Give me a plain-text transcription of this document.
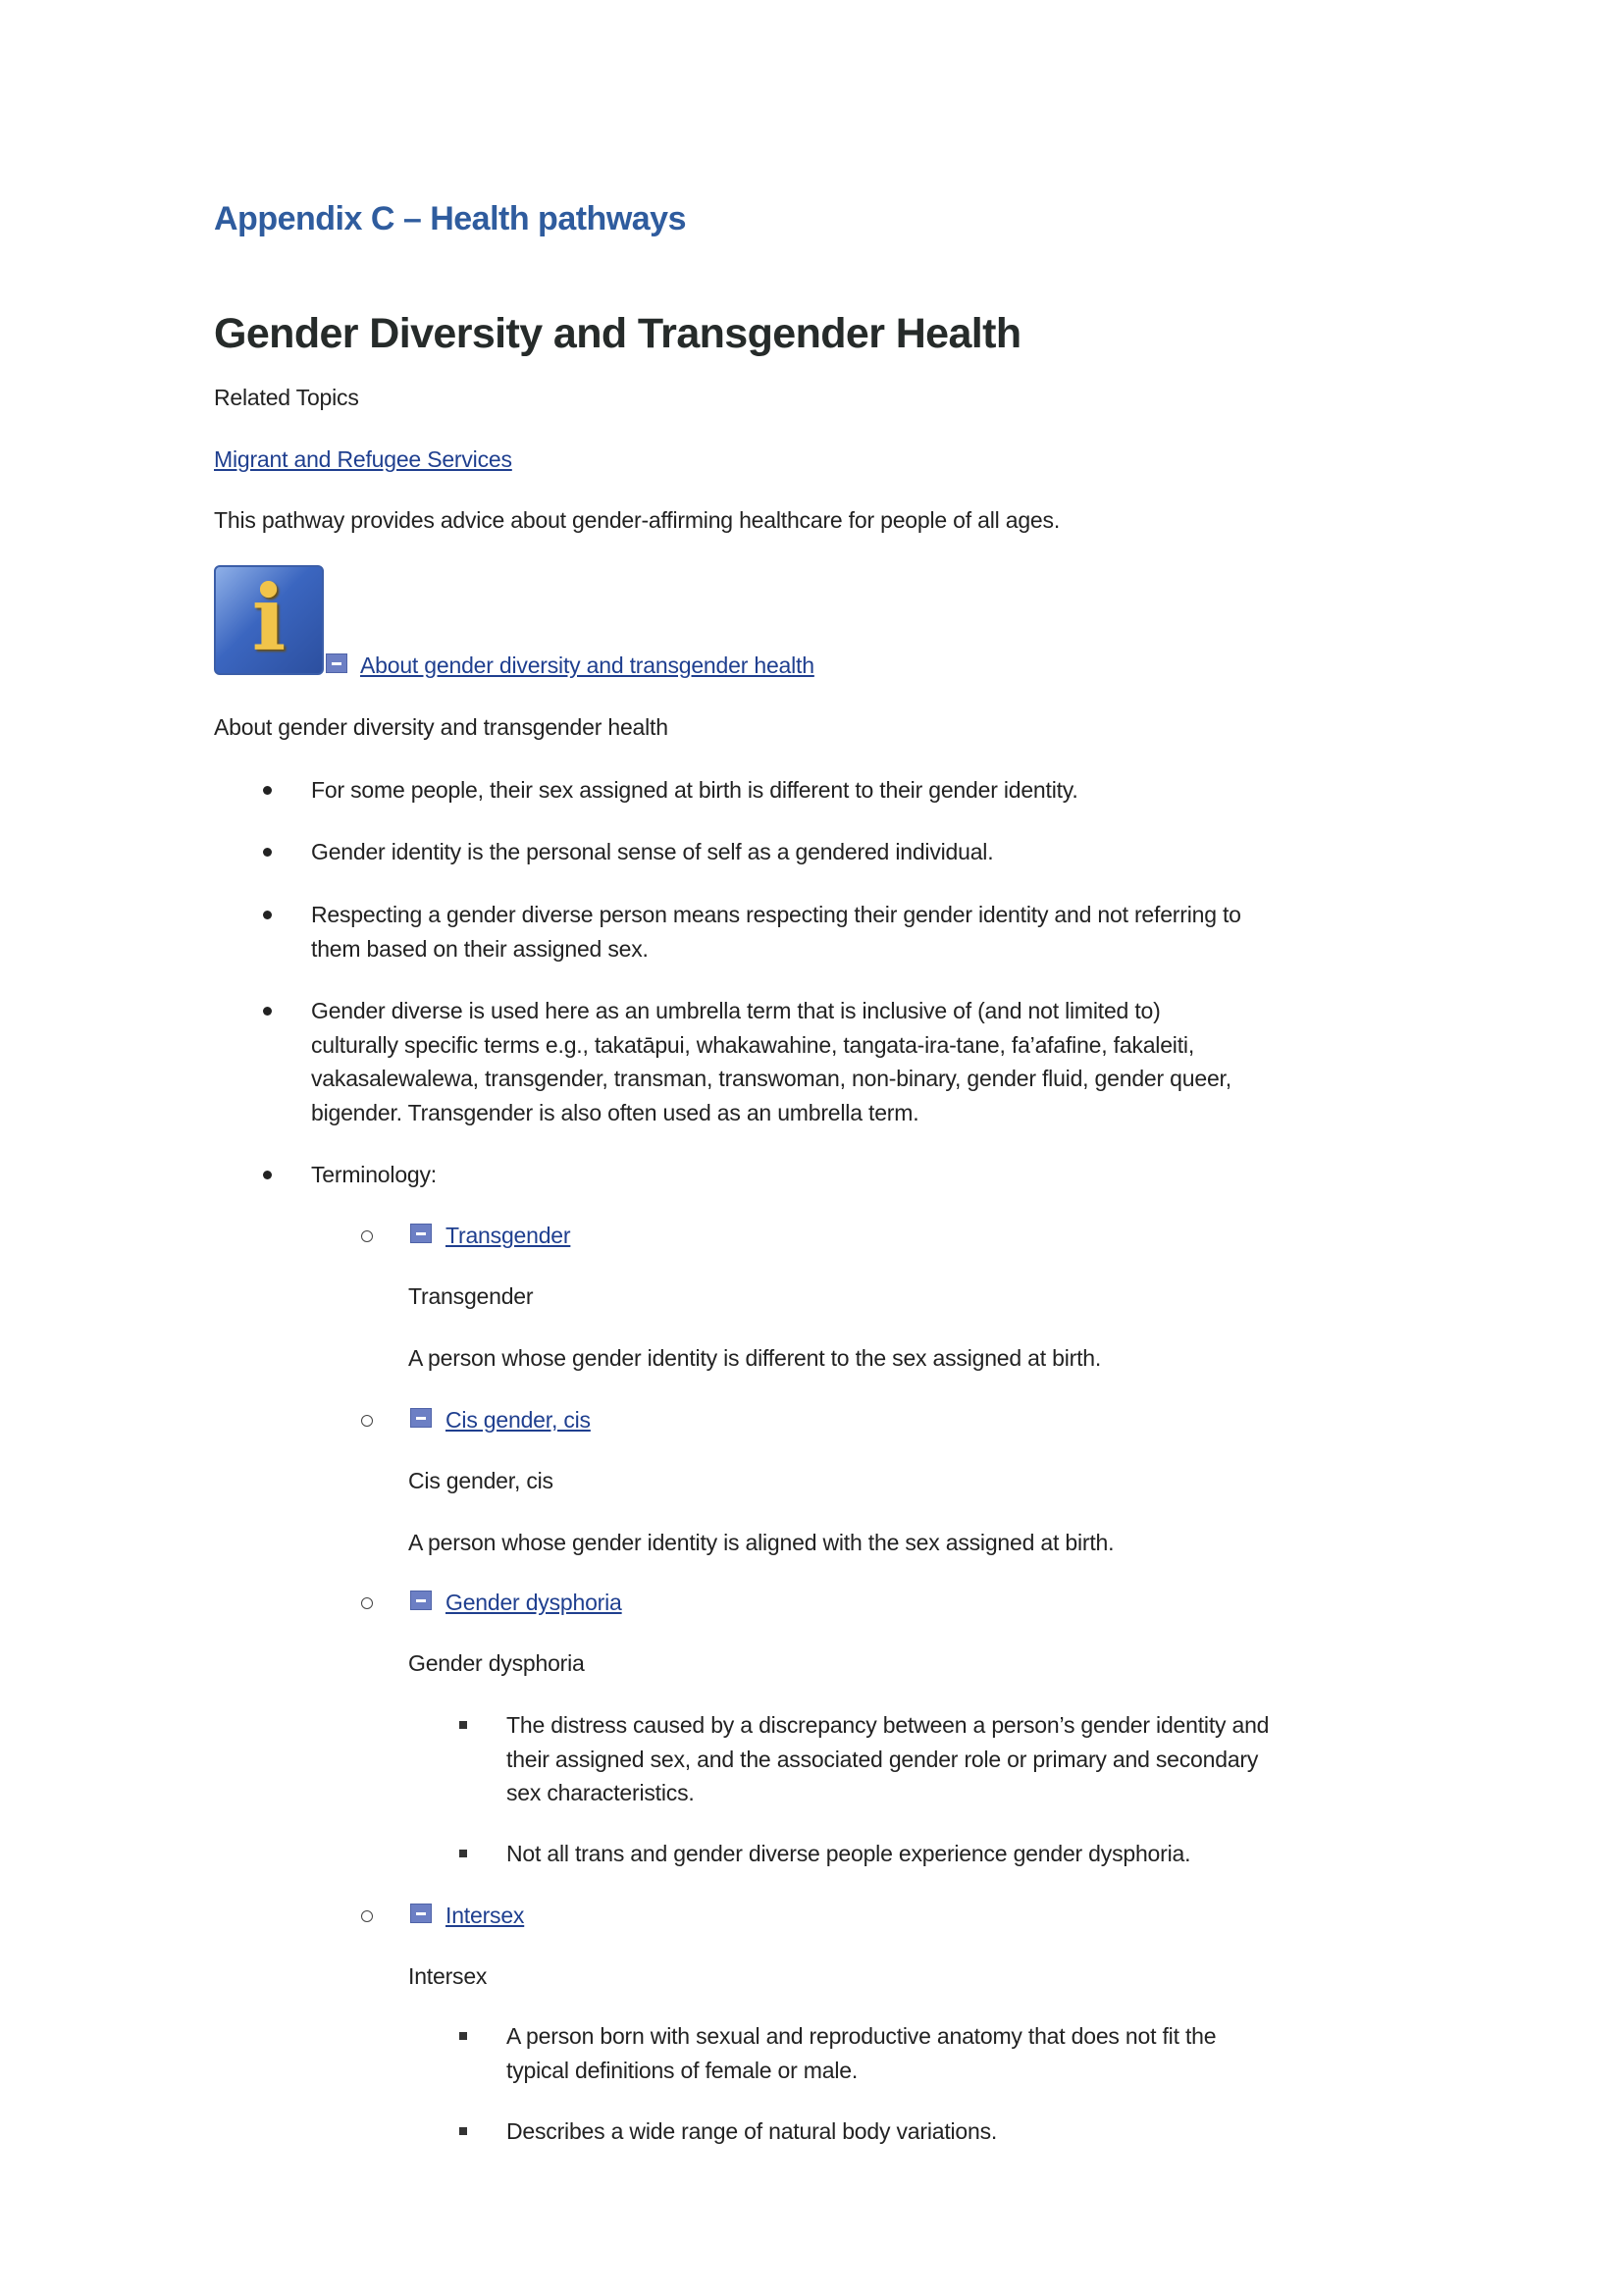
Appendix C – Health pathways
Gender Diversity and Transgender Health
Related Topics
Migrant and Refugee Services
This pathway provides advice about gender-affirming healthcare for people of all ages.
i	About gender diversity and transgender health
About gender diversity and transgender health
For some people, their sex assigned at birth is different to their gender identity.
Gender identity is the personal sense of self as a gendered individual.
Respecting a gender diverse person means respecting their gender identity and not referring to
them based on their assigned sex.
Gender diverse is used here as an umbrella term that is inclusive of (and not limited to)
culturally specific terms e.g., takatāpui, whakawahine, tangata-ira-tane, fa’afafine, fakaleiti,
vakasalewalewa, transgender, transman, transwoman, non-binary, gender fluid, gender queer,
bigender. Transgender is also often used as an umbrella term.
Terminology:
Transgender
Transgender
A person whose gender identity is different to the sex assigned at birth.
Cis gender, cis
Cis gender, cis
A person whose gender identity is aligned with the sex assigned at birth.
Gender dysphoria
Gender dysphoria
The distress caused by a discrepancy between a person’s gender identity and
their assigned sex, and the associated gender role or primary and secondary
sex characteristics.
Not all trans and gender diverse people experience gender dysphoria.
Intersex
Intersex
A person born with sexual and reproductive anatomy that does not fit the
typical definitions of female or male.
Describes a wide range of natural body variations.
